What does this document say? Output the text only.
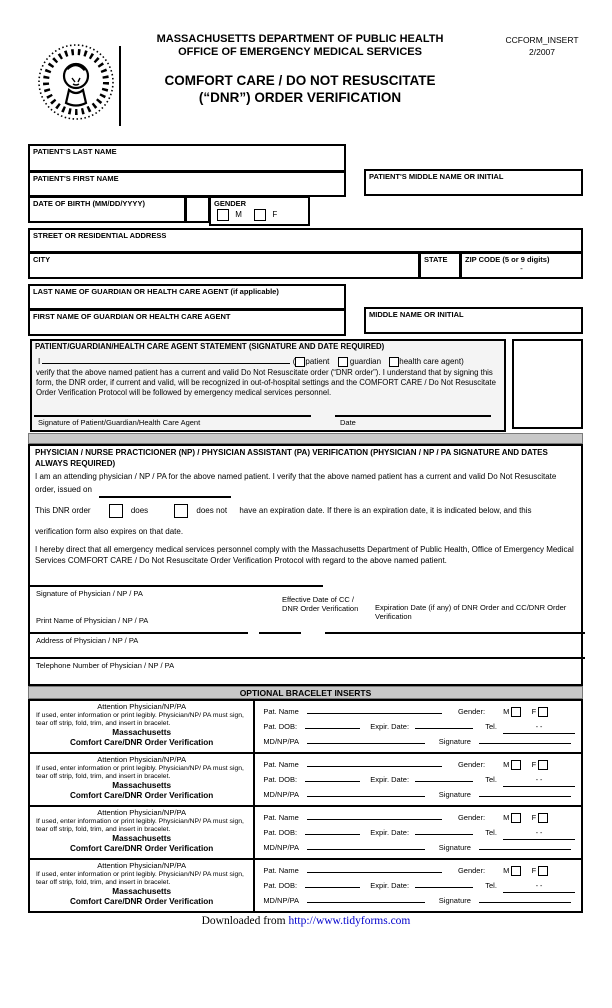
MASSACHUSETTS DEPARTMENT OF PUBLIC HEALTH
OFFICE OF EMERGENCY MEDICAL SERVICES
CCFORM_INSERT
2/2007
COMFORT CARE / DO NOT RESUSCITATE
(“DNR”) ORDER VERIFICATION
PATIENT'S LAST NAME
PATIENT'S FIRST NAME	PATIENT'S MIDDLE NAME OR INITIAL
DATE OF BIRTH (MM/DD/YYYY)	GENDER
M	F
STREET OR RESIDENTIAL ADDRESS
CITY	STATE	ZIP CODE (5 or 9 digits)
-
LAST NAME OF GUARDIAN OR HEALTH CARE AGENT (if applicable)
FIRST NAME OF GUARDIAN OR HEALTH CARE AGENT	MIDDLE NAME OR INITIAL
PATIENT/GUARDIAN/HEALTH CARE AGENT STATEMENT (SIGNATURE AND DATE REQUIRED)
I	( patient	guardian health care agent)
verify that the above named patient has a current and valid Do Not Resuscitate order (“DNR order”). I understand that by signing this form, the DNR order, if current and valid, will be recognized in out-of-hospital settings and the COMFORT CARE / Do Not Resuscitate Order Verification Protocol will be followed by emergency medical services personnel.
Signature of Patient/Guardian/Health Care Agent	Date
PHYSICIAN / NURSE PRACTICIONER (NP) / PHYSICIAN ASSISTANT (PA) VERIFICATION (PHYSICIAN / NP / PA SIGNATURE AND DATES ALWAYS REQUIRED)
I am an attending physician / NP / PA for the above named patient. I verify that the above named patient has a current and valid Do Not Resuscitate
order, issued on
This DNR order	does	does not have an expiration date. If there is an expiration date, it is indicated below, and this
verification form also expires on that date.
I hereby direct that all emergency medical services personnel comply with the Massachusetts Department of Public Health, Office of Emergency Medical Services COMFORT CARE / Do Not Resuscitate Order Verification Protocol with regard to the above named patient.
Signature of Physician / NP / PA
Effective Date of CC / DNR Order Verification	Expiration Date (if any) of DNR Order and CC/DNR Order Verification
Print Name of Physician / NP / PA
Address of Physician / NP / PA
Telephone Number of Physician / NP / PA
OPTIONAL BRACELET INSERTS
Attention Physician/NP/PA
If used, enter information or print legibly. Physician/NP/ PA must sign, tear off strip, fold, trim, and insert in bracelet.
Massachusetts
Comfort Care/DNR Order Verification
Pat. Name	Gender: M	F
Pat. DOB:	Expir. Date:	Tel.	- -
MD/NP/PA	Signature
Attention Physician/NP/PA
If used, enter information or print legibly. Physician/NP/ PA must sign, tear off strip, fold, trim, and insert in bracelet.
Massachusetts
Comfort Care/DNR Order Verification
Pat. Name	Gender: M	F
Pat. DOB:	Expir. Date:	Tel.	- -
MD/NP/PA	Signature
Attention Physician/NP/PA
If used, enter information or print legibly. Physician/NP/ PA must sign, tear off strip, fold, trim, and insert in bracelet.
Massachusetts
Comfort Care/DNR Order Verification
Pat. Name	Gender: M	F
Pat. DOB:	Expir. Date:	Tel.	- -
MD/NP/PA	Signature
Attention Physician/NP/PA
If used, enter information or print legibly. Physician/NP/ PA must sign, tear off strip, fold, trim, and insert in bracelet.
Massachusetts
Comfort Care/DNR Order Verification
Pat. Name	Gender: M	F
Pat. DOB:	Expir. Date:	Tel.	- -
MD/NP/PA	Signature
Downloaded from http://www.tidyforms.com
